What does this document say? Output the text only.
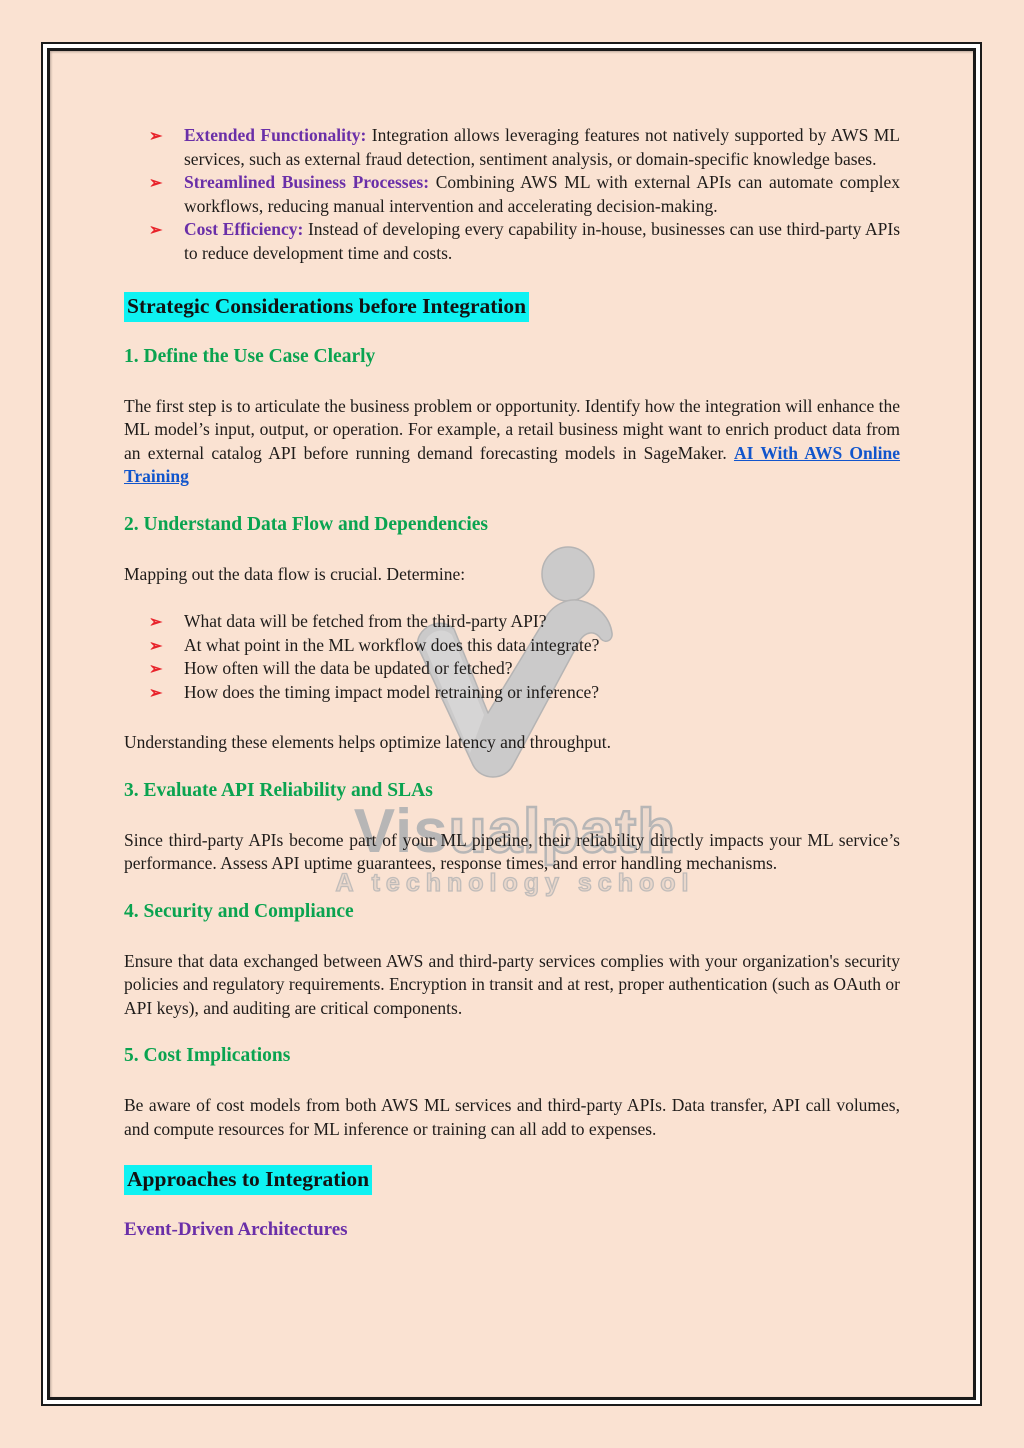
Visualpath
A technology school
➢ Extended Functionality: Integration allows leveraging features not natively supported by AWS ML services, such as external fraud detection, sentiment analysis, or domain-specific knowledge bases.
➢ Streamlined Business Processes: Combining AWS ML with external APIs can automate complex workflows, reducing manual intervention and accelerating decision-making.
➢ Cost Efficiency: Instead of developing every capability in-house, businesses can use third-party APIs to reduce development time and costs.
Strategic Considerations before Integration
1. Define the Use Case Clearly

The first step is to articulate the business problem or opportunity. Identify how the integration will enhance the ML model’s input, output, or operation. For example, a retail business might want to enrich product data from an external catalog API before running demand forecasting models in SageMaker. AI With AWS Online Training

2. Understand Data Flow and Dependencies

Mapping out the data flow is crucial. Determine:

➢ What data will be fetched from the third-party API?
➢ At what point in the ML workflow does this data integrate?
➢ How often will the data be updated or fetched?
➢ How does the timing impact model retraining or inference?

Understanding these elements helps optimize latency and throughput.

3. Evaluate API Reliability and SLAs

Since third-party APIs become part of your ML pipeline, their reliability directly impacts your ML service’s performance. Assess API uptime guarantees, response times, and error handling mechanisms.

4. Security and Compliance

Ensure that data exchanged between AWS and third-party services complies with your organization's security policies and regulatory requirements. Encryption in transit and at rest, proper authentication (such as OAuth or API keys), and auditing are critical components.

5. Cost Implications

Be aware of cost models from both AWS ML services and third-party APIs. Data transfer, API call volumes, and compute resources for ML inference or training can all add to expenses.

Approaches to Integration
Event-Driven Architectures
